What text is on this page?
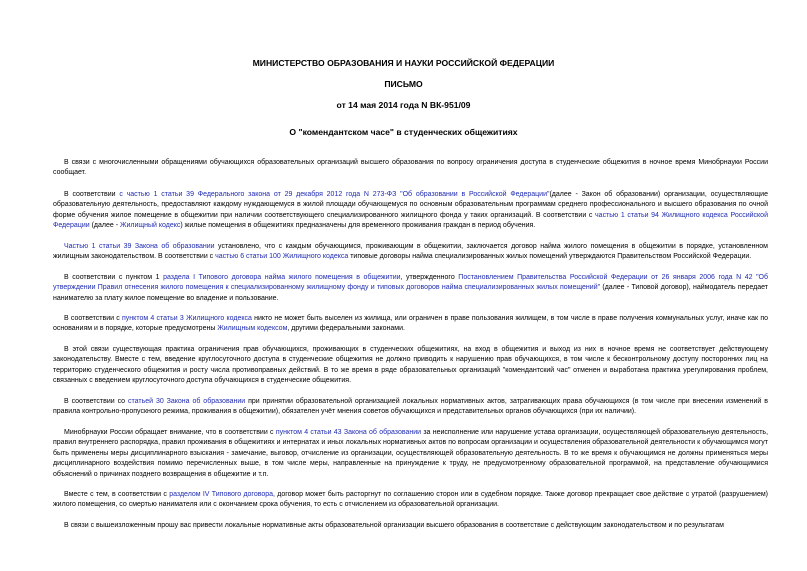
МИНИСТЕРСТВО ОБРАЗОВАНИЯ И НАУКИ РОССИЙСКОЙ ФЕДЕРАЦИИ
ПИСЬМО
от 14 мая 2014 года N ВК-951/09
О "комендантском часе" в студенческих общежитиях
В связи с многочисленными обращениями обучающихся образовательных организаций высшего образования по вопросу ограничения доступа в студенческие общежития в ночное время Минобрнауки России сообщает.
В соответствии с частью 1 статьи 39 Федерального закона от 29 декабря 2012 года N 273-ФЗ "Об образовании в Российской Федерации"(далее - Закон об образовании) организации, осуществляющие образовательную деятельность, предоставляют каждому нуждающемуся в жилой площади обучающемуся по основным образовательным программам среднего профессионального и высшего образования по очной форме обучения жилое помещение в общежитии при наличии соответствующего специализированного жилищного фонда у таких организаций. В соответствии с частью 1 статьи 94 Жилищного кодекса Российской Федерации (далее - Жилищный кодекс) жилые помещения в общежитиях предназначены для временного проживания граждан в период обучения.
Частью 1 статьи 39 Закона об образовании установлено, что с каждым обучающимся, проживающим в общежитии, заключается договор найма жилого помещения в общежитии в порядке, установленном жилищным законодательством. В соответствии с частью 6 статьи 100 Жилищного кодекса типовые договоры найма специализированных жилых помещений утверждаются Правительством Российской Федерации.
В соответствии с пунктом 1 раздела I Типового договора найма жилого помещения в общежитии, утвержденного Постановлением Правительства Российской Федерации от 26 января 2006 года N 42 "Об утверждении Правил отнесения жилого помещения к специализированному жилищному фонду и типовых договоров найма специализированных жилых помещений" (далее - Типовой договор), наймодатель передает нанимателю за плату жилое помещение во владение и пользование.
В соответствии с пунктом 4 статьи 3 Жилищного кодекса никто не может быть выселен из жилища, или ограничен в праве пользования жилищем, в том числе в праве получения коммунальных услуг, иначе как по основаниям и в порядке, которые предусмотрены Жилищным кодексом, другими федеральными законами.
В этой связи существующая практика ограничения прав обучающихся, проживающих в студенческих общежитиях, на вход в общежития и выход из них в ночное время не соответствует действующему законодательству. Вместе с тем, введение круглосуточного доступа в студенческие общежития не должно приводить к нарушению прав обучающихся, в том числе к бесконтрольному доступу посторонних лиц на территорию студенческого общежития и росту числа противоправных действий. В то же время в ряде образовательных организаций "комендантский час" отменен и выработана практика урегулирования проблем, связанных с введением круглосуточного доступа обучающихся в студенческие общежития.
В соответствии со статьей 30 Закона об образовании при принятии образовательной организацией локальных нормативных актов, затрагивающих права обучающихся (в том числе при внесении изменений в правила контрольно-пропускного режима, проживания в общежитии), обязателен учёт мнения советов обучающихся и представительных органов обучающихся (при их наличии).
Минобрнауки России обращает внимание, что в соответствии с пунктом 4 статьи 43 Закона об образовании за неисполнение или нарушение устава организации, осуществляющей образовательную деятельность, правил внутреннего распорядка, правил проживания в общежитиях и интернатах и иных локальных нормативных актов по вопросам организации и осуществления образовательной деятельности к обучающимся могут быть применены меры дисциплинарного взыскания - замечание, выговор, отчисление из организации, осуществляющей образовательную деятельность. В то же время к обучающимся не должны применяться меры дисциплинарного воздействия помимо перечисленных выше, в том числе меры, направленные на принуждение к труду, не предусмотренному образовательной программой, на представление обучающимися объяснений о причинах позднего возвращения в общежитие и т.п.
Вместе с тем, в соответствии с разделом IV Типового договора, договор может быть расторгнут по соглашению сторон или в судебном порядке. Также договор прекращает свое действие с утратой (разрушением) жилого помещения, со смертью нанимателя или с окончанием срока обучения, то есть с отчислением из образовательной организации.
В связи с вышеизложенным прошу вас привести локальные нормативные акты образовательной организации высшего образования в соответствие с действующим законодательством и по результатам
